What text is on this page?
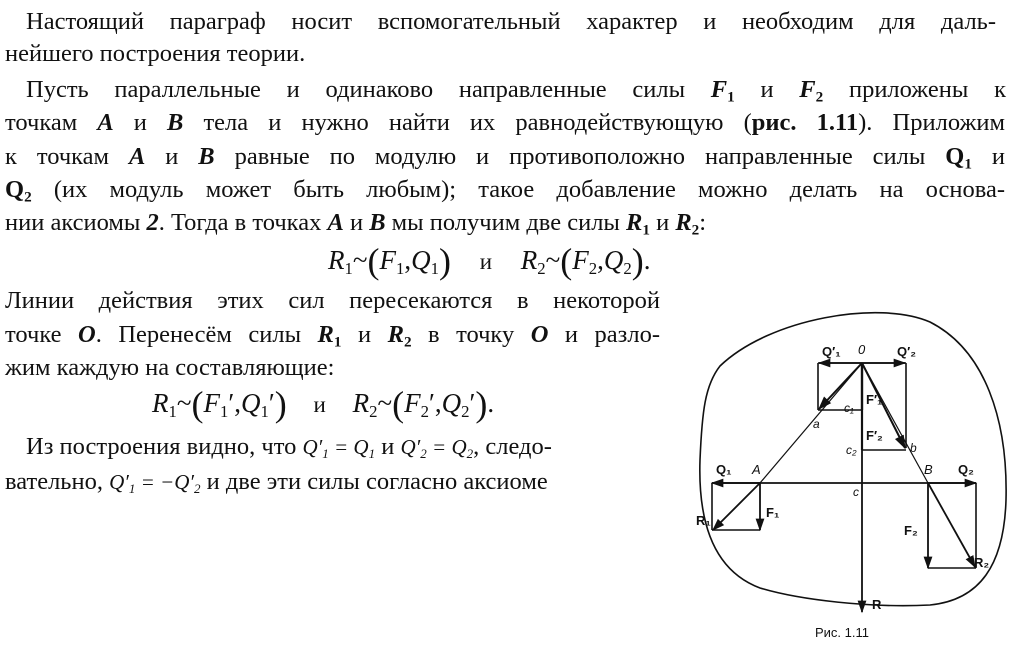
Настоящий параграф носит вспомогательный характер и необходим для даль-
нейшего построения теории.
Пусть параллельные и одинаково направленные силы $F_1$ и $F_2$ приложены к
точкам A и B тела и нужно найти их равнодействующую (рис. 1.11). Приложим
к точкам A и B равные по модулю и противоположно направленные силы $Q_1$ и
$Q_2$ (их модуль может быть любым); такое добавление можно делать на основа-
нии аксиомы 2. Тогда в точках A и B мы получим две силы $R_1$ и $R_2$:
$R_1\sim(F_1,Q_1)$ и $R_2\sim(F_2,Q_2)$.
Линии действия этих сил пересекаются в некоторой
точке O. Перенесём силы $R_1$ и $R_2$ в точку O и разло-
жим каждую на составляющие:
$R_1\sim(F_1',Q_1')$ и $R_2\sim(F_2',Q_2')$.
Из построения видно, что $Q'_1 = Q_1$ и $Q'_2 = Q_2$, следо-
вательно, $Q'_1 = -Q'_2$ и две эти силы согласно аксиоме
Q′₁ 0 Q′₂
c₁
F′₁
a
F′₂
c₂	b
Q₁ A	B Q₂
c
R₁
F₁
F₂
R₂
R
Рис. 1.11
